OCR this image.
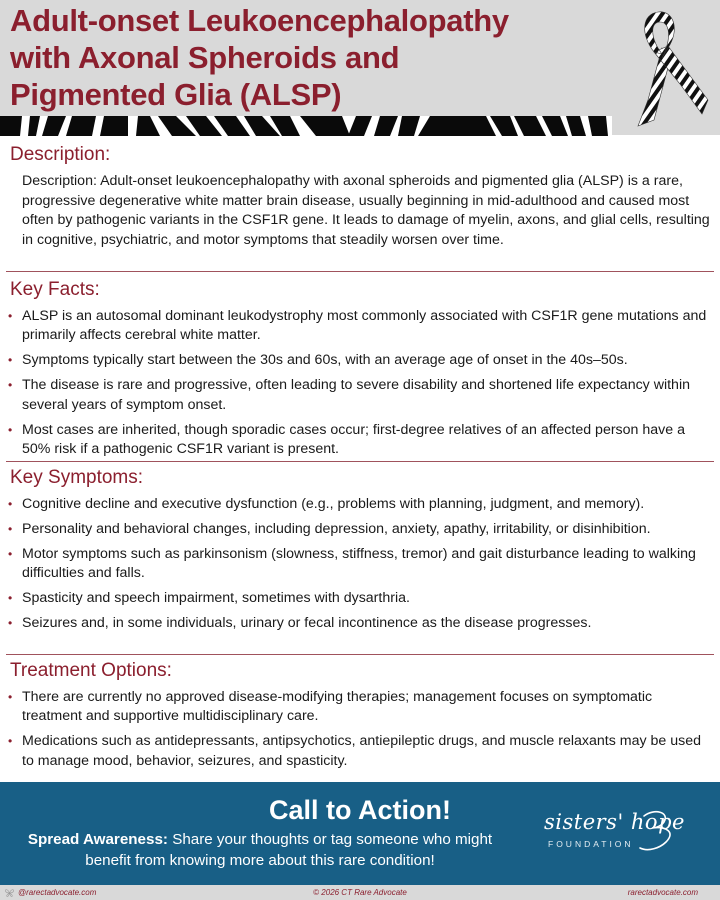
Adult-onset Leukoencephalopathy
with Axonal Spheroids and
Pigmented Glia (ALSP)
Description:
Description: Adult-onset leukoencephalopathy with axonal spheroids and pigmented glia (ALSP) is a rare, progressive degenerative white matter brain disease, usually beginning in mid-adulthood and caused most often by pathogenic variants in the CSF1R gene. It leads to damage of myelin, axons, and glial cells, resulting in cognitive, psychiatric, and motor symptoms that steadily worsen over time.
Key Facts:
• ALSP is an autosomal dominant leukodystrophy most commonly associated with CSF1R gene mutations and primarily affects cerebral white matter.
• Symptoms typically start between the 30s and 60s, with an average age of onset in the 40s–50s.
• The disease is rare and progressive, often leading to severe disability and shortened life expectancy within several years of symptom onset.
• Most cases are inherited, though sporadic cases occur; first-degree relatives of an affected person have a 50% risk if a pathogenic CSF1R variant is present.
Key Symptoms:
• Cognitive decline and executive dysfunction (e.g., problems with planning, judgment, and memory).
• Personality and behavioral changes, including depression, anxiety, apathy, irritability, or disinhibition.
• Motor symptoms such as parkinsonism (slowness, stiffness, tremor) and gait disturbance leading to walking difficulties and falls.
• Spasticity and speech impairment, sometimes with dysarthria.
• Seizures and, in some individuals, urinary or fecal incontinence as the disease progresses.
Treatment Options:
• There are currently no approved disease-modifying therapies; management focuses on symptomatic treatment and supportive multidisciplinary care.
• Medications such as antidepressants, antipsychotics, antiepileptic drugs, and muscle relaxants may be used to manage mood, behavior, seizures, and spasticity.
Call to Action!
Spread Awareness: Share your thoughts or tag someone who might benefit from knowing more about this rare condition!
sisters' hope
FOUNDATION
@rarectadvocate.com	© 2026 CT Rare Advocate	rarectadvocate.com
